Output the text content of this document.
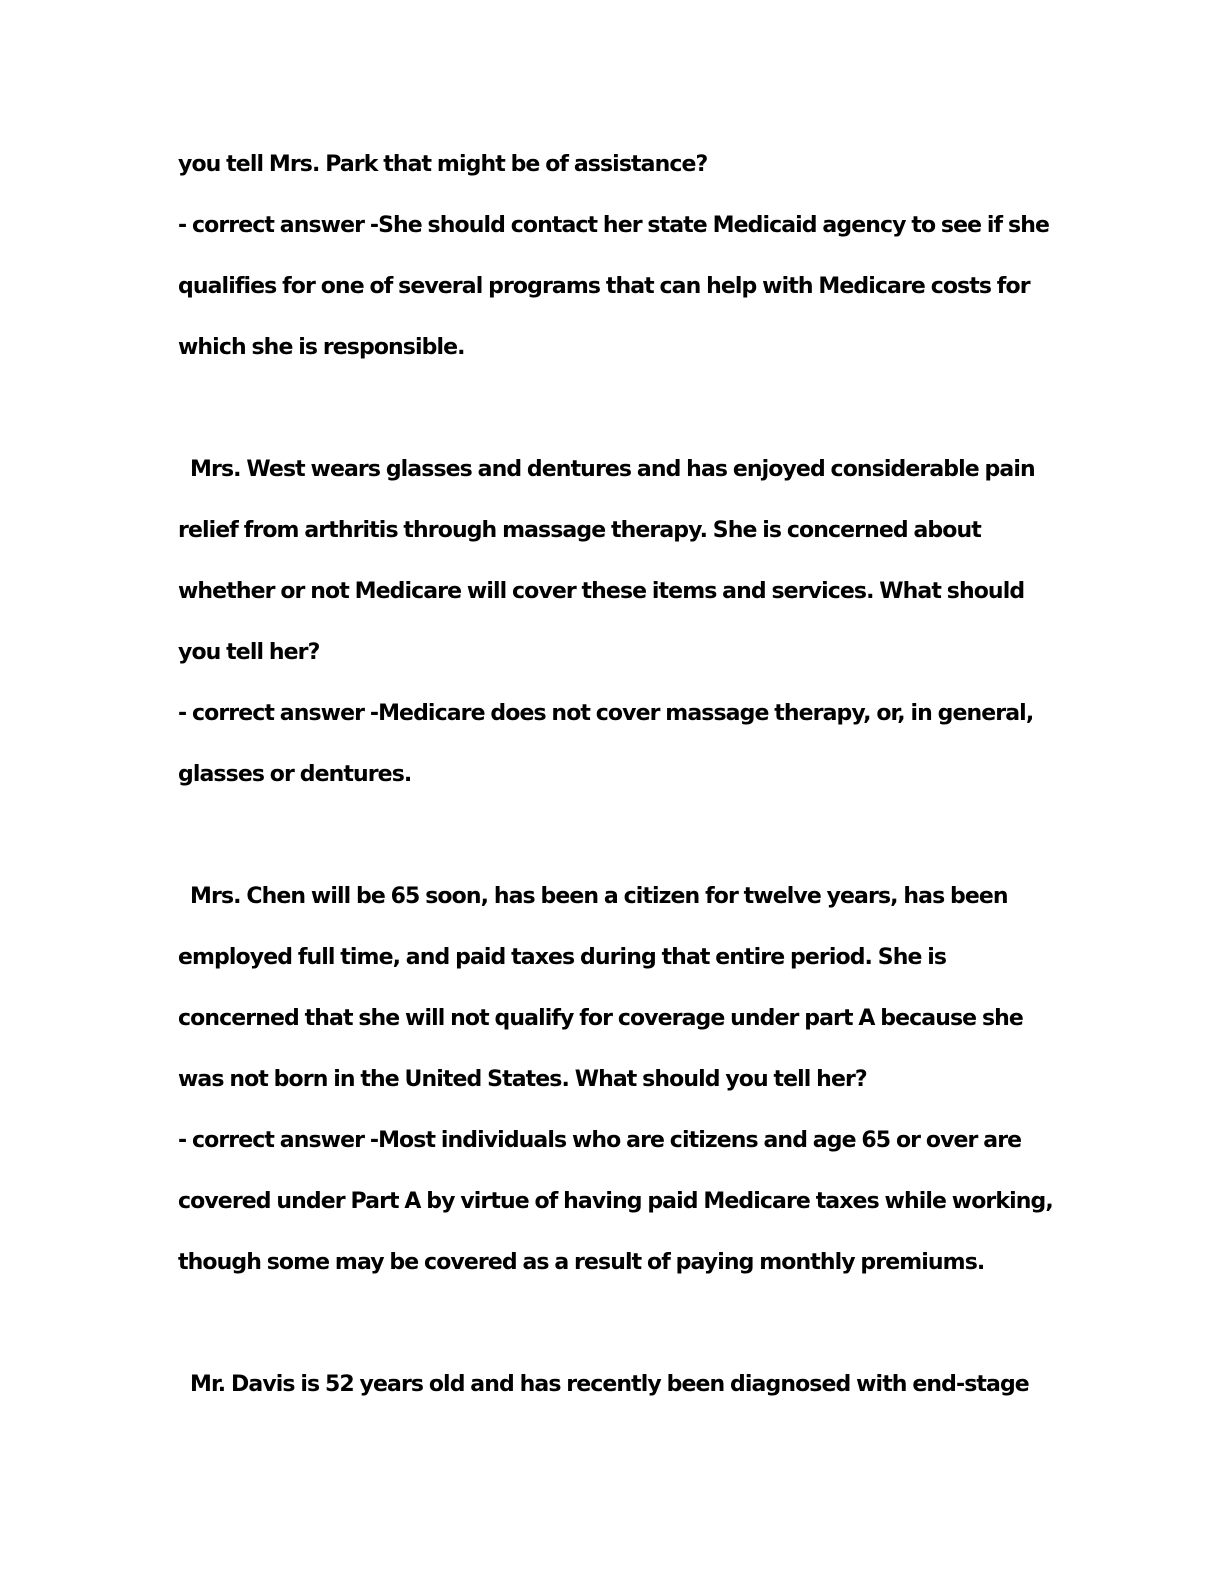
you tell Mrs. Park that might be of assistance?
- correct answer -She should contact her state Medicaid agency to see if she
qualifies for one of several programs that can help with Medicare costs for
which she is responsible.
Mrs. West wears glasses and dentures and has enjoyed considerable pain
relief from arthritis through massage therapy. She is concerned about
whether or not Medicare will cover these items and services. What should
you tell her?
- correct answer -Medicare does not cover massage therapy, or, in general,
glasses or dentures.
Mrs. Chen will be 65 soon, has been a citizen for twelve years, has been
employed full time, and paid taxes during that entire period. She is
concerned that she will not qualify for coverage under part A because she
was not born in the United States. What should you tell her?
- correct answer -Most individuals who are citizens and age 65 or over are
covered under Part A by virtue of having paid Medicare taxes while working,
though some may be covered as a result of paying monthly premiums.
Mr. Davis is 52 years old and has recently been diagnosed with end-stage
